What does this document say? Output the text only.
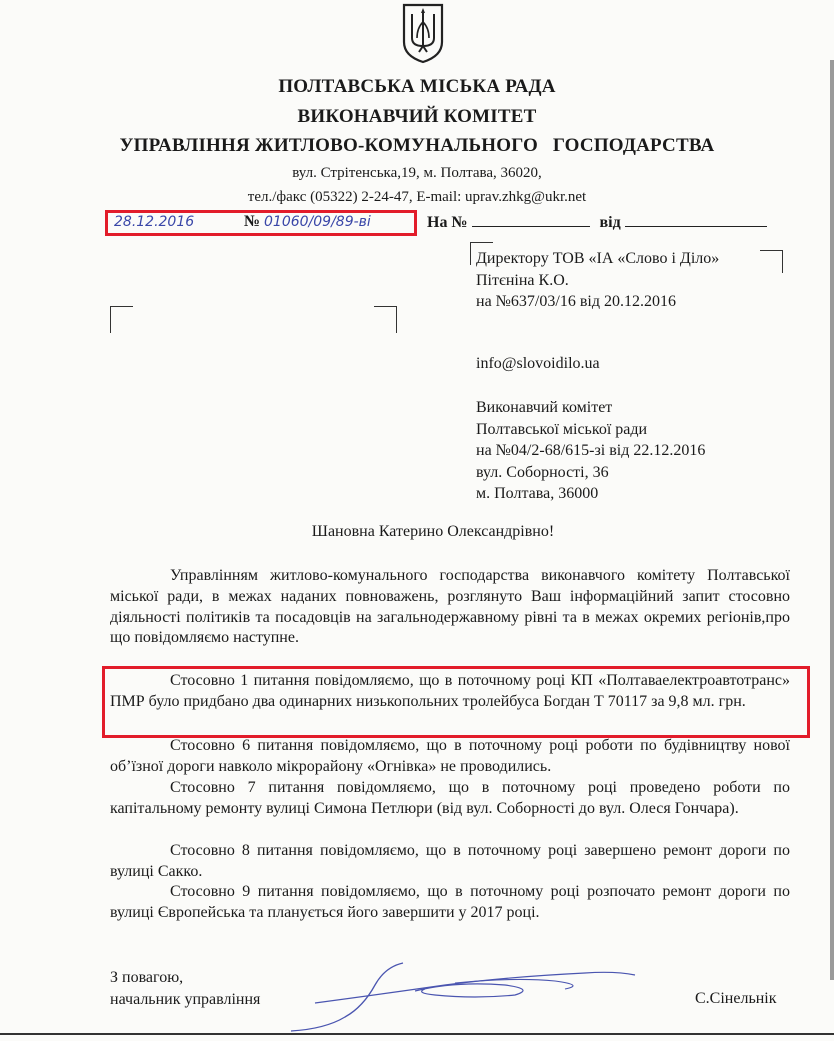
ПОЛТАВСЬКА МІСЬКА РАДА
ВИКОНАВЧИЙ КОМІТЕТ
УПРАВЛІННЯ ЖИТЛОВО-КОМУНАЛЬНОГО   ГОСПОДАРСТВА
вул. Стрітенська,19, м. Полтава, 36020,
тел./факс (05322) 2-24-47, E-mail: uprav.zhkg@ukr.net
28.12.2016	№ 01060/09/89-ві	На №	від
Директору ТОВ «ІА «Слово і Діло»
Пітєніна К.О.
на №637/03/16 від 20.12.2016
info@slovoidilo.ua
Виконавчий комітет
Полтавської міської ради
на №04/2-68/615-зі від 22.12.2016
вул. Соборності, 36
м. Полтава, 36000
Шановна Катерино Олександрівно!
Управлінням житлово-комунального господарства виконавчого комітету Полтавської міської ради, в межах наданих повноважень, розглянуто Ваш інформаційний запит стосовно діяльності політиків та посадовців на загальнодержавному рівні та в межах окремих регіонів,про що повідомляємо наступне.
Стосовно 1 питання повідомляємо, що в поточному році КП «Полтаваелектроавтотранс» ПМР було придбано два одинарних низькопольних тролейбуса Богдан Т 70117 за 9,8 мл. грн.
Стосовно 6 питання повідомляємо, що в поточному році роботи по будівництву нової об’їзної дороги навколо мікрорайону «Огнівка» не проводились.
Стосовно 7 питання повідомляємо, що в поточному році проведено роботи по капітальному ремонту вулиці Симона Петлюри (від вул. Соборності до вул. Олеся Гончара).
Стосовно 8 питання повідомляємо, що в поточному році завершено ремонт дороги по вулиці Сакко.
Стосовно 9 питання повідомляємо, що в поточному році розпочато ремонт дороги по вулиці Європейська та планується його завершити у 2017 році.
З повагою,
начальник управління	С.Сінельнік
